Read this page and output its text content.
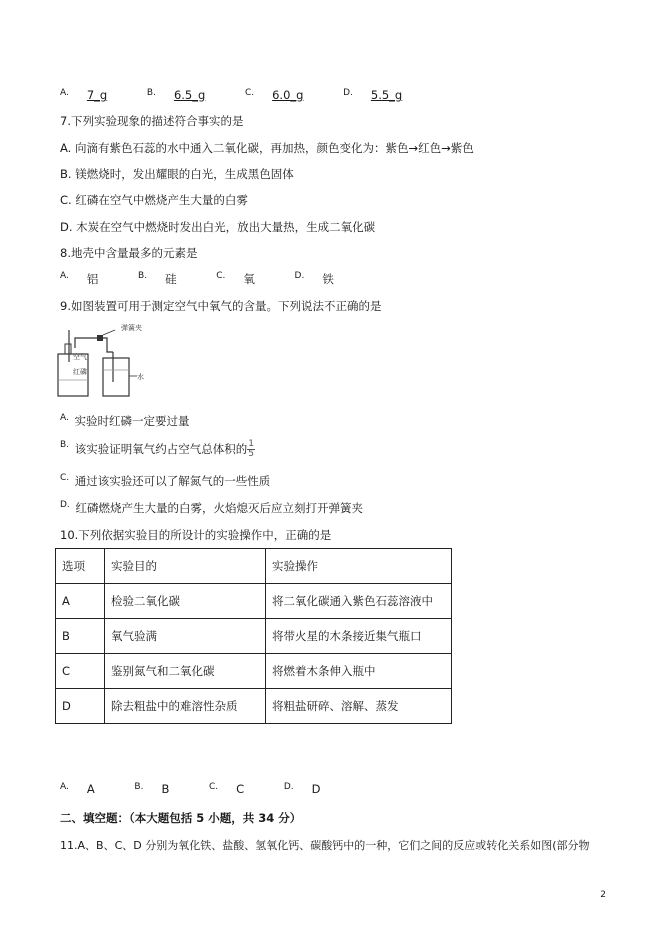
$^{A.}$ 7_g	$^{B.}$ 6.5_g	$^{C.}$ 6.0_g	$^{D.}$ 5.5_g
7.下列实验现象的描述符合事实的是
A. 向滴有紫色石蕊的水中通入二氧化碳，再加热，颜色变化为：紫色→红色→紫色
B. 镁燃烧时，发出耀眼的白光，生成黑色固体
C. 红磷在空气中燃烧产生大量的白雾
D. 木炭在空气中燃烧时发出白光，放出大量热，生成二氧化碳
8.地壳中含量最多的元素是
$^{A.}$ 铝	$^{B.}$ 硅	$^{C.}$ 氧	$^{D.}$ 铁
9.如图装置可用于测定空气中氧气的含量。下列说法不正确的是
弹簧夹
空气
红磷
水
$^{A.}$ 实验时红磷一定要过量
$^{B.}$ 该实验证明氧气约占空气总体积的 $\frac{1}{5}$
$^{C.}$ 通过该实验还可以了解氮气的一些性质
$^{D.}$ 红磷燃烧产生大量的白雾，火焰熄灭后应立刻打开弹簧夹
10.下列依据实验目的所设计的实验操作中，正确的是
选项	实验目的	实验操作
A	检验二氧化碳	将二氧化碳通入紫色石蕊溶液中
B	氧气验满	将带火星的木条接近集气瓶口
C	鉴别氮气和二氧化碳	将燃着木条伸入瓶中
D	除去粗盐中的难溶性杂质	将粗盐研碎、溶解、蒸发
$^{A.}$ A	$^{B.}$ B	$^{C.}$ C	$^{D.}$ D
二、填空题：（本大题包括 5 小题，共 34 分）
11.A、B、C、D 分别为氧化铁、盐酸、氢氧化钙、碳酸钙中的一种，它们之间的反应或转化关系如图(部分物
2
